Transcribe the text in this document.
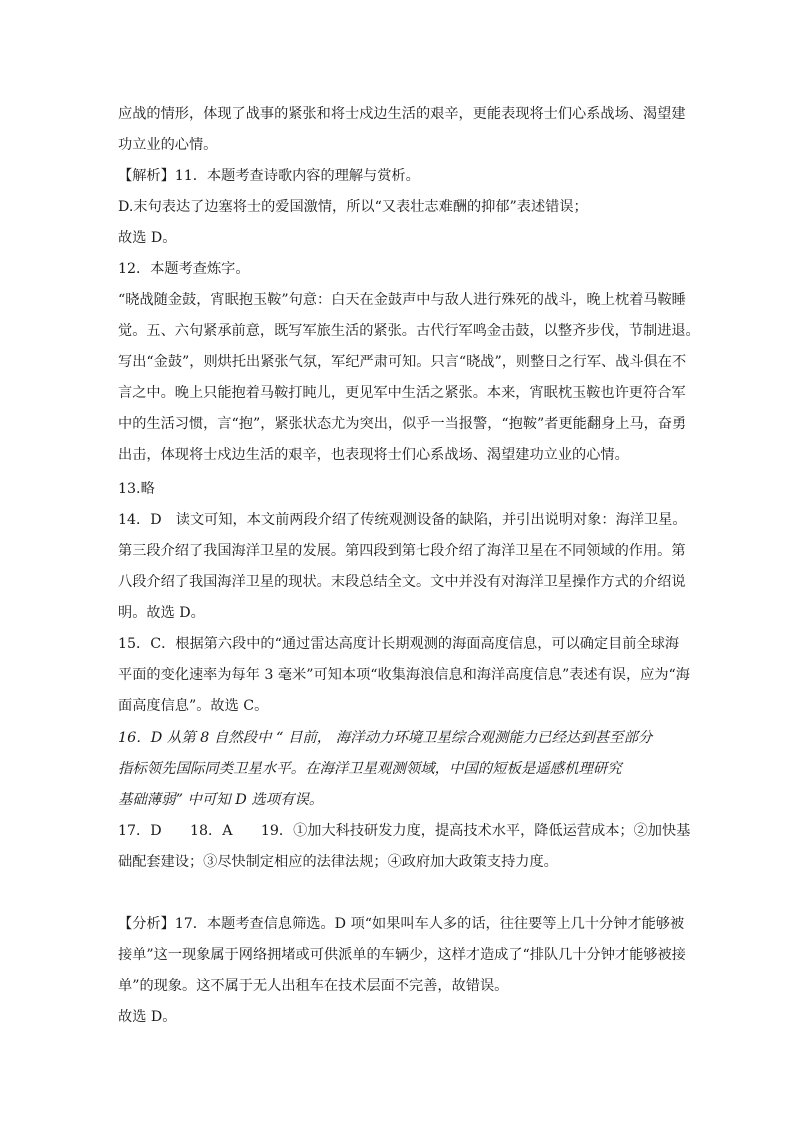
应战的情形，体现了战事的紧张和将士戍边生活的艰辛，更能表现将士们心系战场、渴望建
功立业的心情。
【解析】11．本题考查诗歌内容的理解与赏析。
D.末句表达了边塞将士的爱国激情，所以“又表壮志难酬的抑郁”表述错误；
故选 D。
12．本题考查炼字。
“晓战随金鼓，宵眠抱玉鞍”句意：白天在金鼓声中与敌人进行殊死的战斗，晚上枕着马鞍睡
觉。五、六句紧承前意，既写军旅生活的紧张。古代行军鸣金击鼓，以整齐步伐，节制进退。
写出“金鼓”，则烘托出紧张气氛，军纪严肃可知。只言“晓战”，则整日之行军、战斗俱在不
言之中。晚上只能抱着马鞍打盹儿，更见军中生活之紧张。本来，宵眠枕玉鞍也许更符合军
中的生活习惯，言“抱”，紧张状态尤为突出，似乎一当报警，“抱鞍”者更能翻身上马，奋勇
出击，体现将士戍边生活的艰辛，也表现将士们心系战场、渴望建功立业的心情。
13.略
14．D　读文可知，本文前两段介绍了传统观测设备的缺陷，并引出说明对象：海洋卫星。
第三段介绍了我国海洋卫星的发展。第四段到第七段介绍了海洋卫星在不同领域的作用。第
八段介绍了我国海洋卫星的现状。末段总结全文。文中并没有对海洋卫星操作方式的介绍说
明。故选 D。
15．C．根据第六段中的“通过雷达高度计长期观测的海面高度信息，可以确定目前全球海
平面的变化速率为每年 3 毫米”可知本项“收集海浪信息和海洋高度信息”表述有误，应为“海
面高度信息”。故选 C。
16．D 从第 8 自然段中 “ 目前， 海洋动力环境卫星综合观测能力已经达到甚至部分
指标领先国际同类卫星水平。在海洋卫星观测领域，中国的短板是遥感机理研究
基础薄弱” 中可知 D 选项有误。
17．D　　18．A　　19．①加大科技研发力度，提高技术水平，降低运营成本；②加快基
础配套建设；③尽快制定相应的法律法规；④政府加大政策支持力度。
【分析】17．本题考查信息筛选。D 项“如果叫车人多的话，往往要等上几十分钟才能够被
接单”这一现象属于网络拥堵或可供派单的车辆少，这样才造成了“排队几十分钟才能够被接
单”的现象。这不属于无人出租车在技术层面不完善，故错误。
故选 D。
